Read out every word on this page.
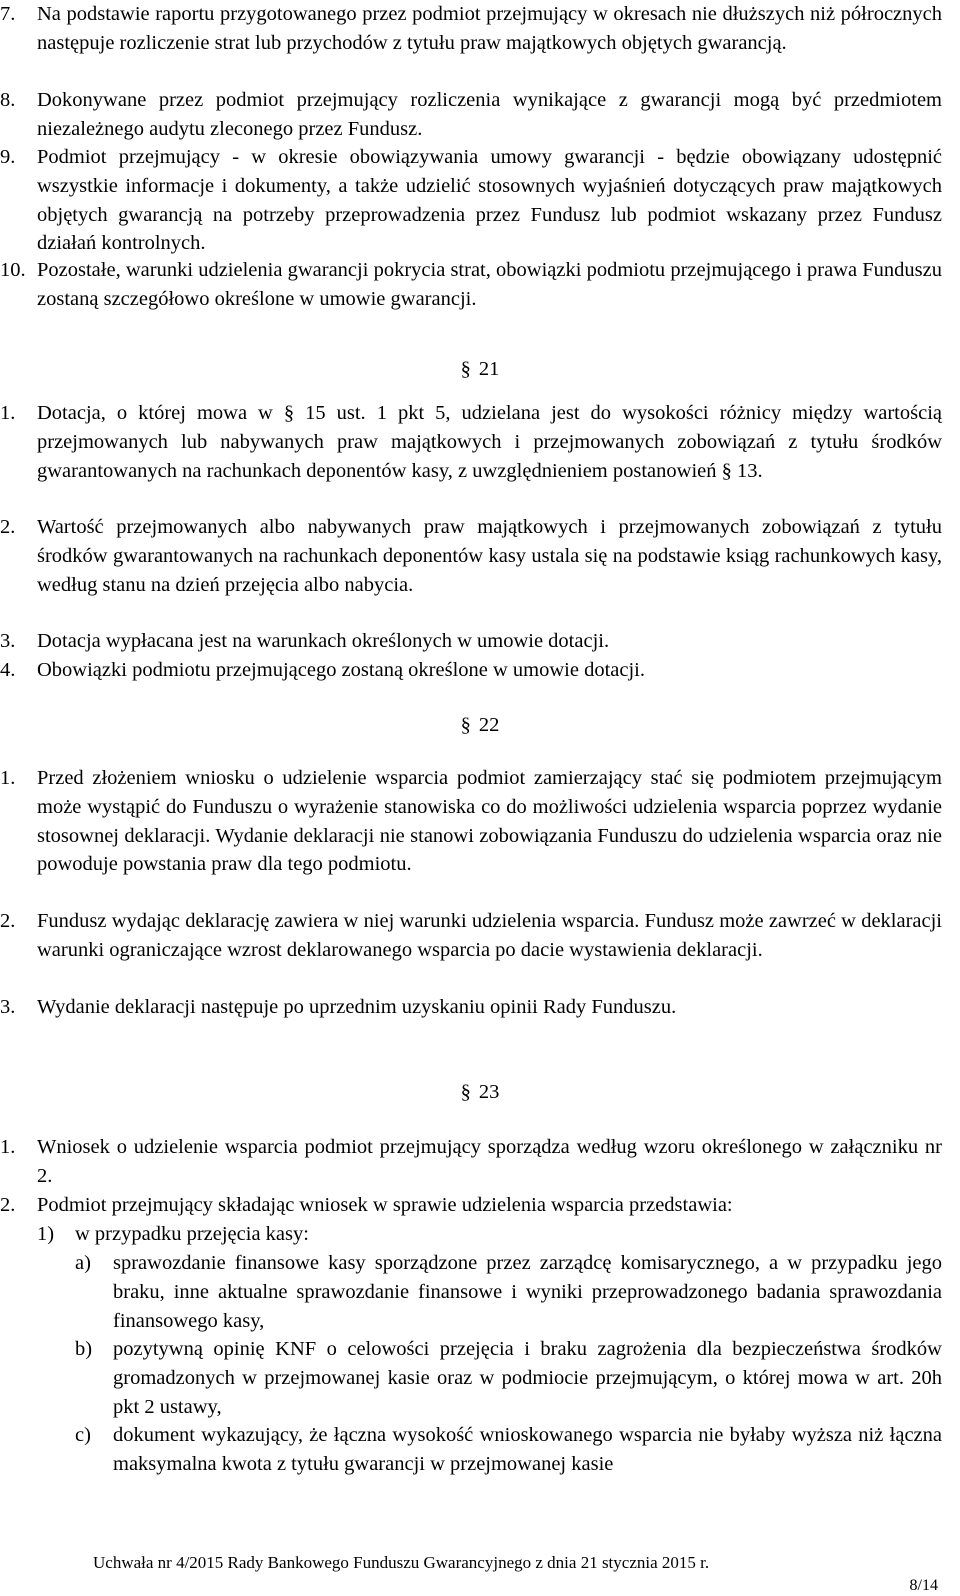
7.	Na podstawie raportu przygotowanego przez podmiot przejmujący w okresach nie dłuższych niż półrocznych następuje rozliczenie strat lub przychodów z tytułu praw majątkowych objętych gwarancją.
8.	Dokonywane przez podmiot przejmujący rozliczenia wynikające z gwarancji mogą być przedmiotem niezależnego audytu zleconego przez Fundusz.
9.	Podmiot przejmujący - w okresie obowiązywania umowy gwarancji - będzie obowiązany udostępnić wszystkie informacje i dokumenty, a także udzielić stosownych wyjaśnień dotyczących praw majątkowych objętych gwarancją na potrzeby przeprowadzenia przez Fundusz lub podmiot wskazany przez Fundusz działań kontrolnych.
10. Pozostałe, warunki udzielenia gwarancji pokrycia strat, obowiązki podmiotu przejmującego i prawa Funduszu zostaną szczegółowo określone w umowie gwarancji.
§ 21
1.	Dotacja, o której mowa w § 15 ust. 1 pkt 5, udzielana jest do wysokości różnicy między wartością przejmowanych lub nabywanych praw majątkowych i przejmowanych zobowiązań z tytułu środków gwarantowanych na rachunkach deponentów kasy, z uwzględnieniem postanowień § 13.
2.	Wartość przejmowanych albo nabywanych praw majątkowych i przejmowanych zobowiązań z tytułu środków gwarantowanych na rachunkach deponentów kasy ustala się na podstawie ksiąg rachunkowych kasy, według stanu na dzień przejęcia albo nabycia.
3.	Dotacja wypłacana jest na warunkach określonych w umowie dotacji.
4.	Obowiązki podmiotu przejmującego zostaną określone w umowie dotacji.
§ 22
1.	Przed złożeniem wniosku o udzielenie wsparcia podmiot zamierzający stać się podmiotem przejmującym może wystąpić do Funduszu o wyrażenie stanowiska co do możliwości udzielenia wsparcia poprzez wydanie stosownej deklaracji. Wydanie deklaracji nie stanowi zobowiązania Funduszu do udzielenia wsparcia oraz nie powoduje powstania praw dla tego podmiotu.
2.	Fundusz wydając deklarację zawiera w niej warunki udzielenia wsparcia. Fundusz może zawrzeć w deklaracji warunki ograniczające wzrost deklarowanego wsparcia po dacie wystawienia deklaracji.
3.	Wydanie deklaracji następuje po uprzednim uzyskaniu opinii Rady Funduszu.
§ 23
1.	Wniosek o udzielenie wsparcia podmiot przejmujący sporządza według wzoru określonego w załączniku nr 2.
2.	Podmiot przejmujący składając wniosek w sprawie udzielenia wsparcia przedstawia:
1)	w przypadku przejęcia kasy:
a)	sprawozdanie finansowe kasy sporządzone przez zarządcę komisarycznego, a w przypadku jego braku, inne aktualne sprawozdanie finansowe i wyniki przeprowadzonego badania sprawozdania finansowego kasy,
b)	pozytywną opinię KNF o celowości przejęcia i braku zagrożenia dla bezpieczeństwa środków gromadzonych w przejmowanej kasie oraz w podmiocie przejmującym, o której mowa w art. 20h pkt 2 ustawy,
c)	dokument wykazujący, że łączna wysokość wnioskowanego wsparcia nie byłaby wyższa niż łączna maksymalna kwota z tytułu gwarancji w przejmowanej kasie
Uchwała nr 4/2015 Rady Bankowego Funduszu Gwarancyjnego z dnia 21 stycznia 2015 r.
8/14
